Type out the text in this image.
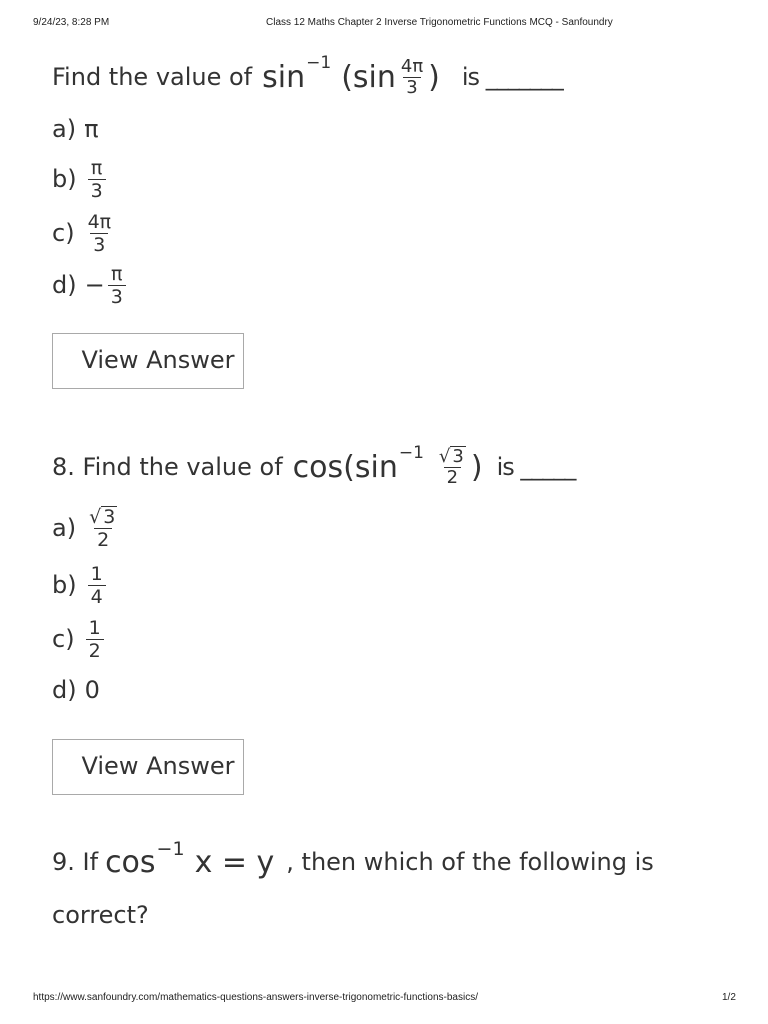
9/24/23, 8:28 PM	Class 12 Maths Chapter 2 Inverse Trigonometric Functions MCQ - Sanfoundry
Find the value of sin −1 ($\sin \frac{4\pi}{3}$ ) is _______
a) π
$b) \frac{\pi}{3}$
$c) \frac{4\pi}{3}$
$d) - \frac{\pi}{3}$
View Answer
8. Find the value of $\cos(\sin -1 \frac{√ 3}{2}$ ) is _____
$a) \frac{√ 3}{2}$
$b) \frac{1}{4}$
$c) \frac{1}{2}$
d) 0
View Answer
9. If cos −1 x = y , then which of the following is
correct?
https://www.sanfoundry.com/mathematics-questions-answers-inverse-trigonometric-functions-basics/	1/2
